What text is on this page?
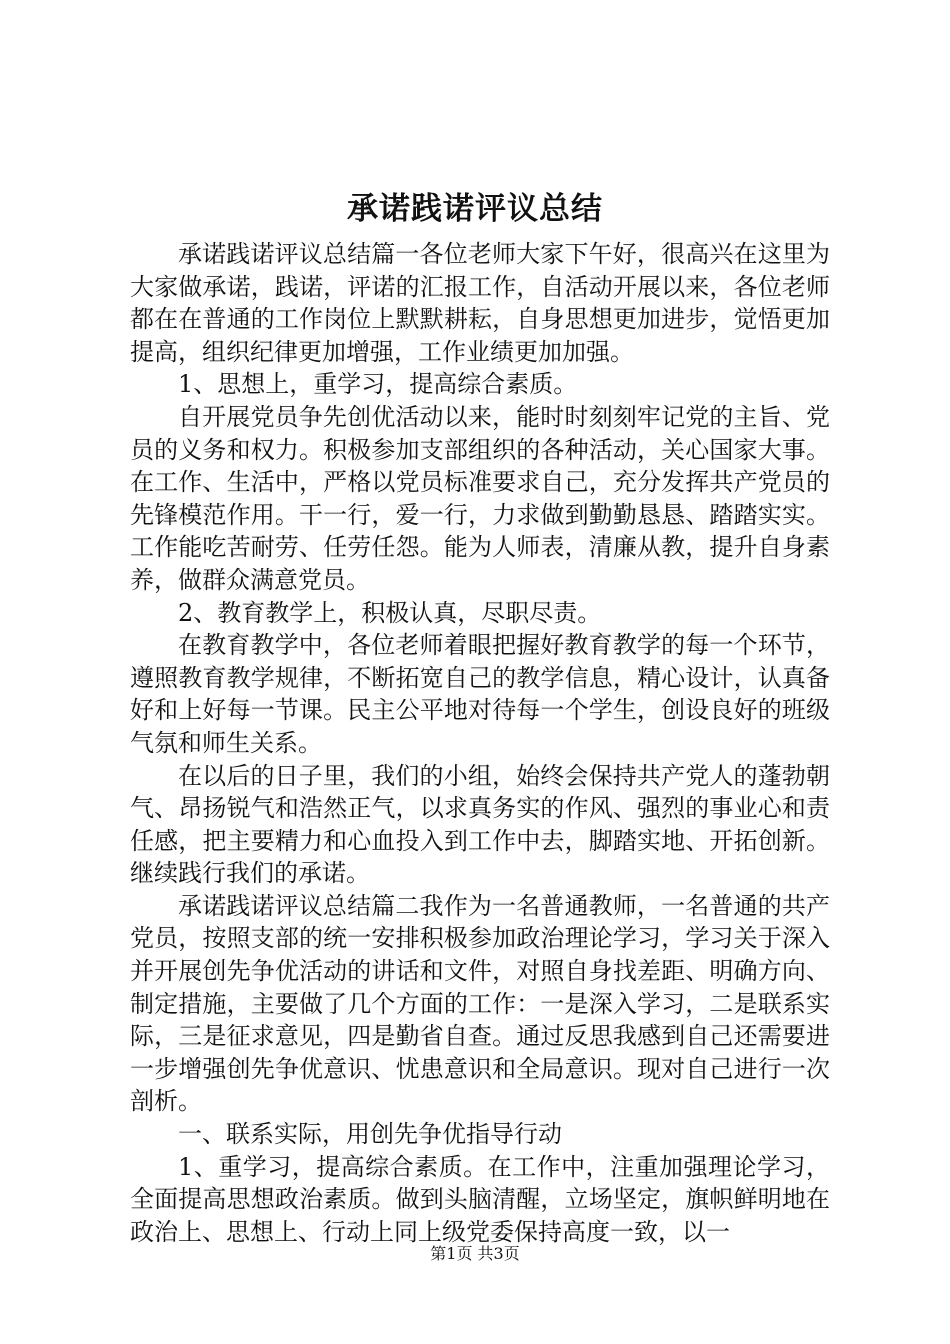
承诺践诺评议总结

承诺践诺评议总结篇一各位老师大家下午好，很高兴在这里为大家做承诺，践诺，评诺的汇报工作，自活动开展以来，各位老师都在在普通的工作岗位上默默耕耘，自身思想更加进步，觉悟更加提高，组织纪律更加增强，工作业绩更加加强。

1、思想上，重学习，提高综合素质。

自开展党员争先创优活动以来，能时时刻刻牢记党的主旨、党员的义务和权力。积极参加支部组织的各种活动，关心国家大事。在工作、生活中，严格以党员标准要求自己，充分发挥共产党员的先锋模范作用。干一行，爱一行，力求做到勤勤恳恳、踏踏实实。工作能吃苦耐劳、任劳任怨。能为人师表，清廉从教，提升自身素养，做群众满意党员。

2、教育教学上，积极认真，尽职尽责。

在教育教学中，各位老师着眼把握好教育教学的每一个环节，遵照教育教学规律，不断拓宽自己的教学信息，精心设计，认真备好和上好每一节课。民主公平地对待每一个学生，创设良好的班级气氛和师生关系。

在以后的日子里，我们的小组，始终会保持共产党人的蓬勃朝气、昂扬锐气和浩然正气，以求真务实的作风、强烈的事业心和责任感，把主要精力和心血投入到工作中去，脚踏实地、开拓创新。继续践行我们的承诺。

承诺践诺评议总结篇二我作为一名普通教师，一名普通的共产党员，按照支部的统一安排积极参加政治理论学习，学习关于深入并开展创先争优活动的讲话和文件，对照自身找差距、明确方向、制定措施，主要做了几个方面的工作：一是深入学习，二是联系实际，三是征求意见，四是勤省自查。通过反思我感到自己还需要进一步增强创先争优意识、忧患意识和全局意识。现对自己进行一次剖析。

一、联系实际，用创先争优指导行动

1、重学习，提高综合素质。在工作中，注重加强理论学习，全面提高思想政治素质。做到头脑清醒，立场坚定，旗帜鲜明地在政治上、思想上、行动上同上级党委保持高度一致，以一

第1页 共3页
